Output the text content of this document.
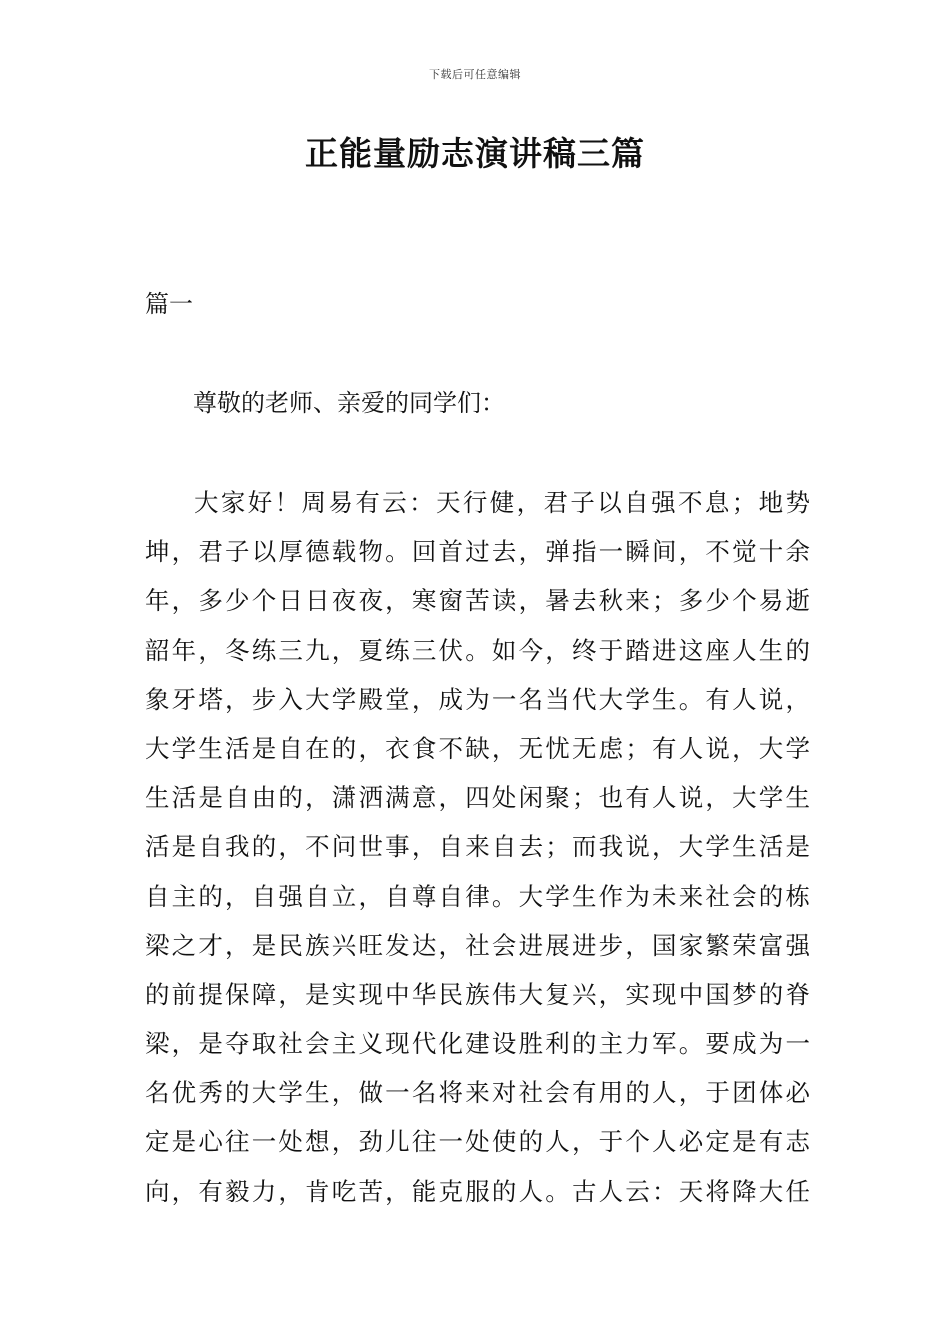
下载后可任意编辑
正能量励志演讲稿三篇
篇一
尊敬的老师、亲爱的同学们：
大家好！周易有云：天行健，君子以自强不息；地势
坤，君子以厚德载物。回首过去，弹指一瞬间，不觉十余
年，多少个日日夜夜，寒窗苦读，暑去秋来；多少个易逝
韶年，冬练三九，夏练三伏。如今，终于踏进这座人生的
象牙塔，步入大学殿堂，成为一名当代大学生。有人说，
大学生活是自在的，衣食不缺，无忧无虑；有人说，大学
生活是自由的，潇洒满意，四处闲聚；也有人说，大学生
活是自我的，不问世事，自来自去；而我说，大学生活是
自主的，自强自立，自尊自律。大学生作为未来社会的栋
梁之才，是民族兴旺发达，社会进展进步，国家繁荣富强
的前提保障，是实现中华民族伟大复兴，实现中国梦的脊
梁，是夺取社会主义现代化建设胜利的主力军。要成为一
名优秀的大学生，做一名将来对社会有用的人，于团体必
定是心往一处想，劲儿往一处使的人，于个人必定是有志
向，有毅力，肯吃苦，能克服的人。古人云：天将降大任
